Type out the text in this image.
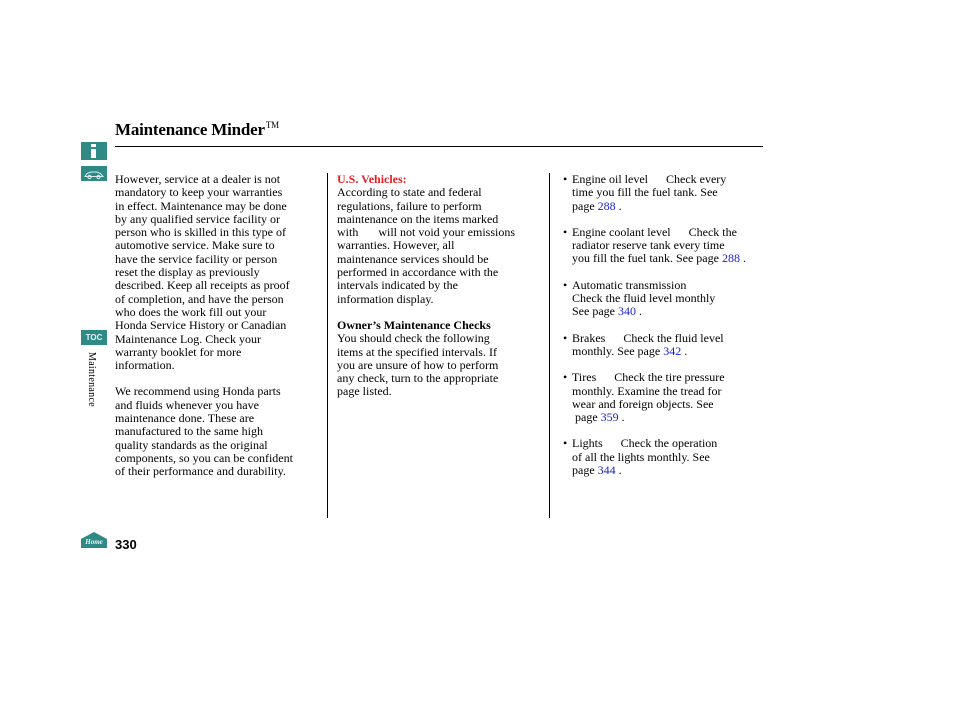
Maintenance Minder™
TOC
Maintenance
Home 330

However, service at a dealer is not
mandatory to keep your warranties
in effect. Maintenance may be done
by any qualified service facility or
person who is skilled in this type of
automotive service. Make sure to
have the service facility or person
reset the display as previously
described. Keep all receipts as proof
of completion, and have the person
who does the work fill out your
Honda Service History or Canadian
Maintenance Log. Check your
warranty booklet for more
information.

We recommend using Honda parts
and fluids whenever you have
maintenance done. These are
manufactured to the same high
quality standards as the original
components, so you can be confident
of their performance and durability.

U.S. Vehicles:
According to state and federal
regulations, failure to perform
maintenance on the items marked
with will not void your emissions
warranties. However, all
maintenance services should be
performed in accordance with the
intervals indicated by the
information display.

Owner’s Maintenance Checks
You should check the following
items at the specified intervals. If
you are unsure of how to perform
any check, turn to the appropriate
page listed.

• Engine oil level Check every
time you fill the fuel tank. See
page 288 .
• Engine coolant level Check the
radiator reserve tank every time
you fill the fuel tank. See page 288 .
• Automatic transmission
Check the fluid level monthly
See page 340 .
• Brakes Check the fluid level
monthly. See page 342 .
• Tires Check the tire pressure
monthly. Examine the tread for
wear and foreign objects. See
page 359 .
• Lights Check the operation
of all the lights monthly. See
page 344 .
